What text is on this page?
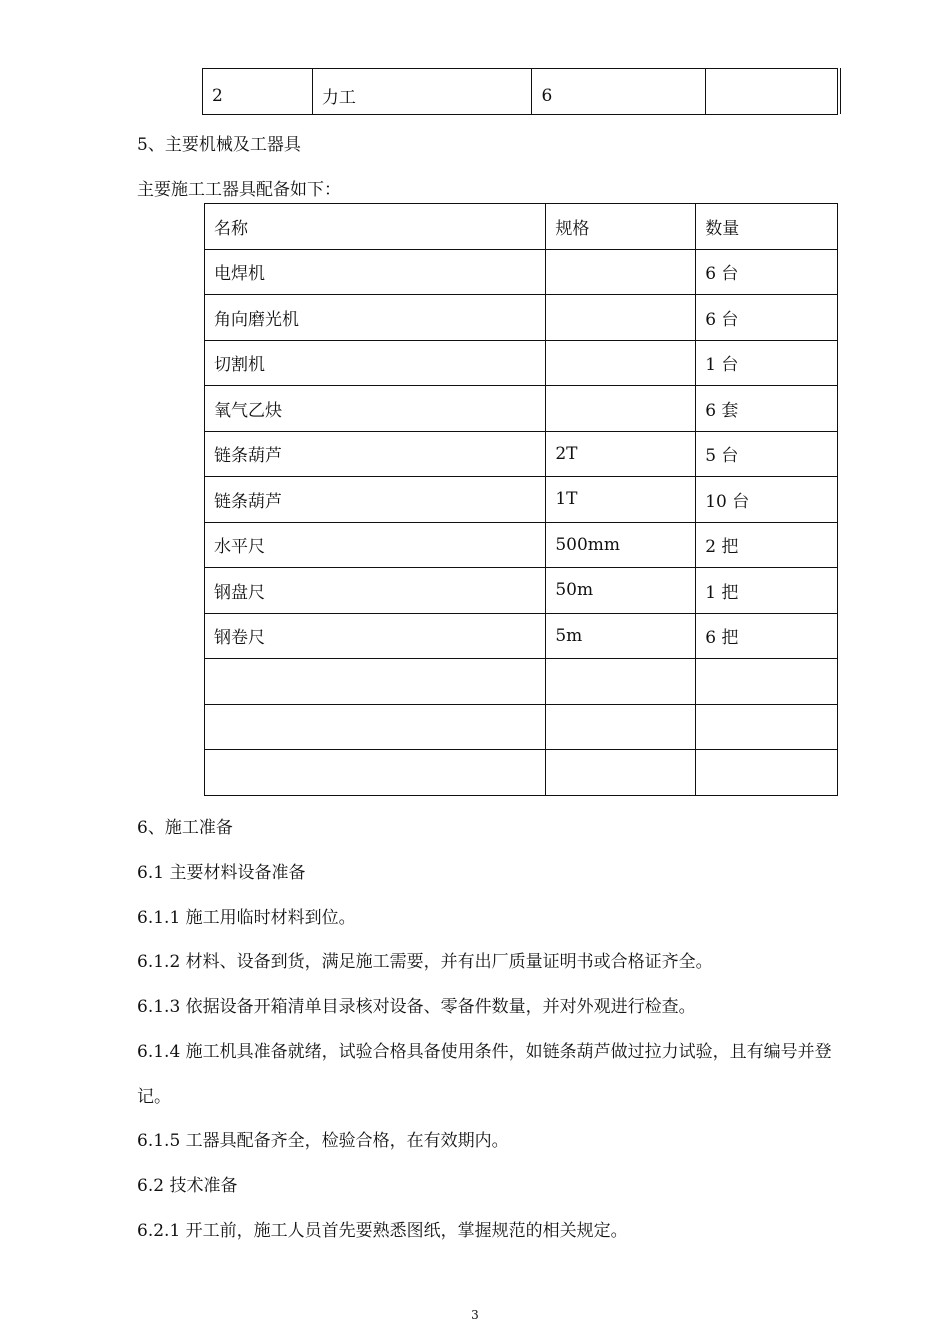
2	力工	6	
5、主要机械及工器具
主要施工工器具配备如下：
名称	规格	数量
电焊机		6 台
角向磨光机		6 台
切割机		1 台
氧气乙炔		6 套
链条葫芦	2T	5 台
链条葫芦	1T	10 台
水平尺	500mm	2 把
钢盘尺	50m	1 把
钢卷尺	5m	6 把

6、施工准备
6.1 主要材料设备准备
6.1.1 施工用临时材料到位。
6.1.2 材料、设备到货，满足施工需要，并有出厂质量证明书或合格证齐全。
6.1.3 依据设备开箱清单目录核对设备、零备件数量，并对外观进行检查。
6.1.4 施工机具准备就绪，试验合格具备使用条件，如链条葫芦做过拉力试验，且有编号并登
记。
6.1.5 工器具配备齐全，检验合格，在有效期内。
6.2 技术准备
6.2.1 开工前，施工人员首先要熟悉图纸，掌握规范的相关规定。
3
